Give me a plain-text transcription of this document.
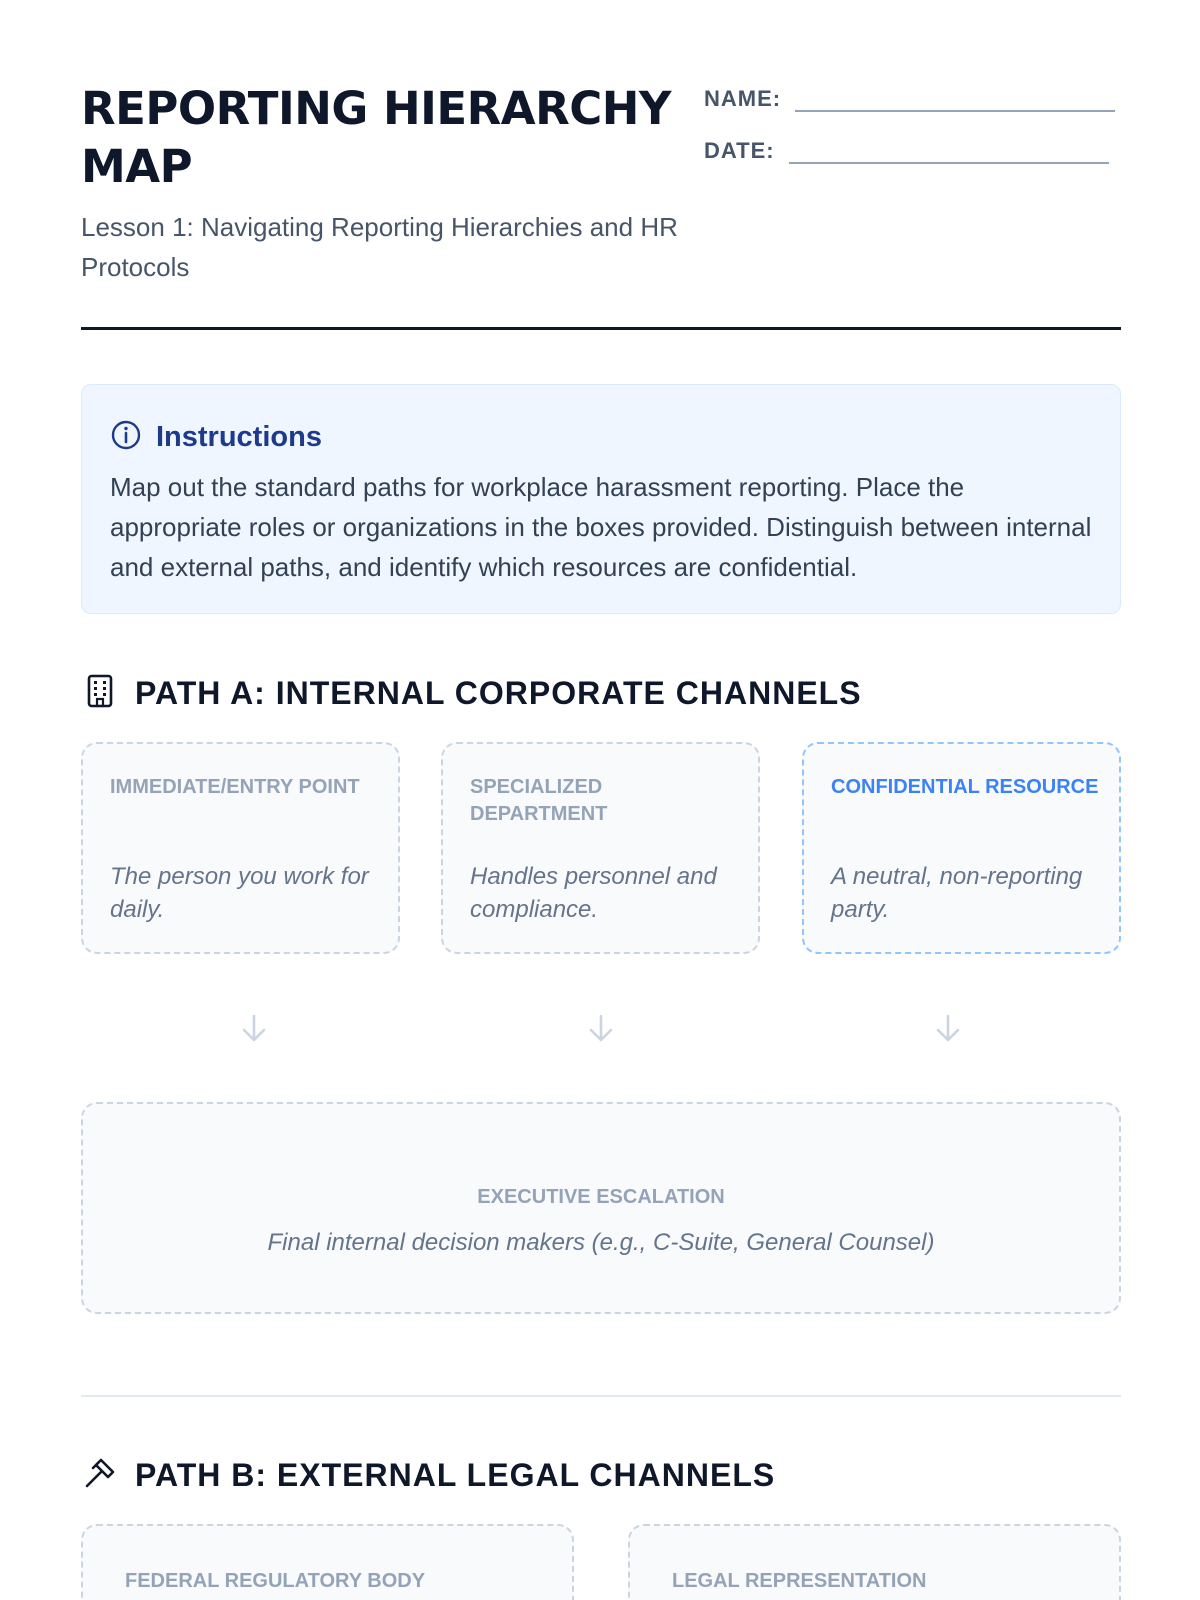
REPORTING HIERARCHY MAP
Lesson 1: Navigating Reporting Hierarchies and HR Protocols
NAME:
DATE:
Instructions
Map out the standard paths for workplace harassment reporting. Place the appropriate roles or organizations in the boxes provided. Distinguish between internal and external paths, and identify which resources are confidential.
PATH A: INTERNAL CORPORATE CHANNELS
IMMEDIATE/ENTRY POINT
The person you work for daily.
SPECIALIZED DEPARTMENT
Handles personnel and compliance.
CONFIDENTIAL RESOURCE
A neutral, non-reporting party.
EXECUTIVE ESCALATION
Final internal decision makers (e.g., C-Suite, General Counsel)
PATH B: EXTERNAL LEGAL CHANNELS
FEDERAL REGULATORY BODY	LEGAL REPRESENTATION
